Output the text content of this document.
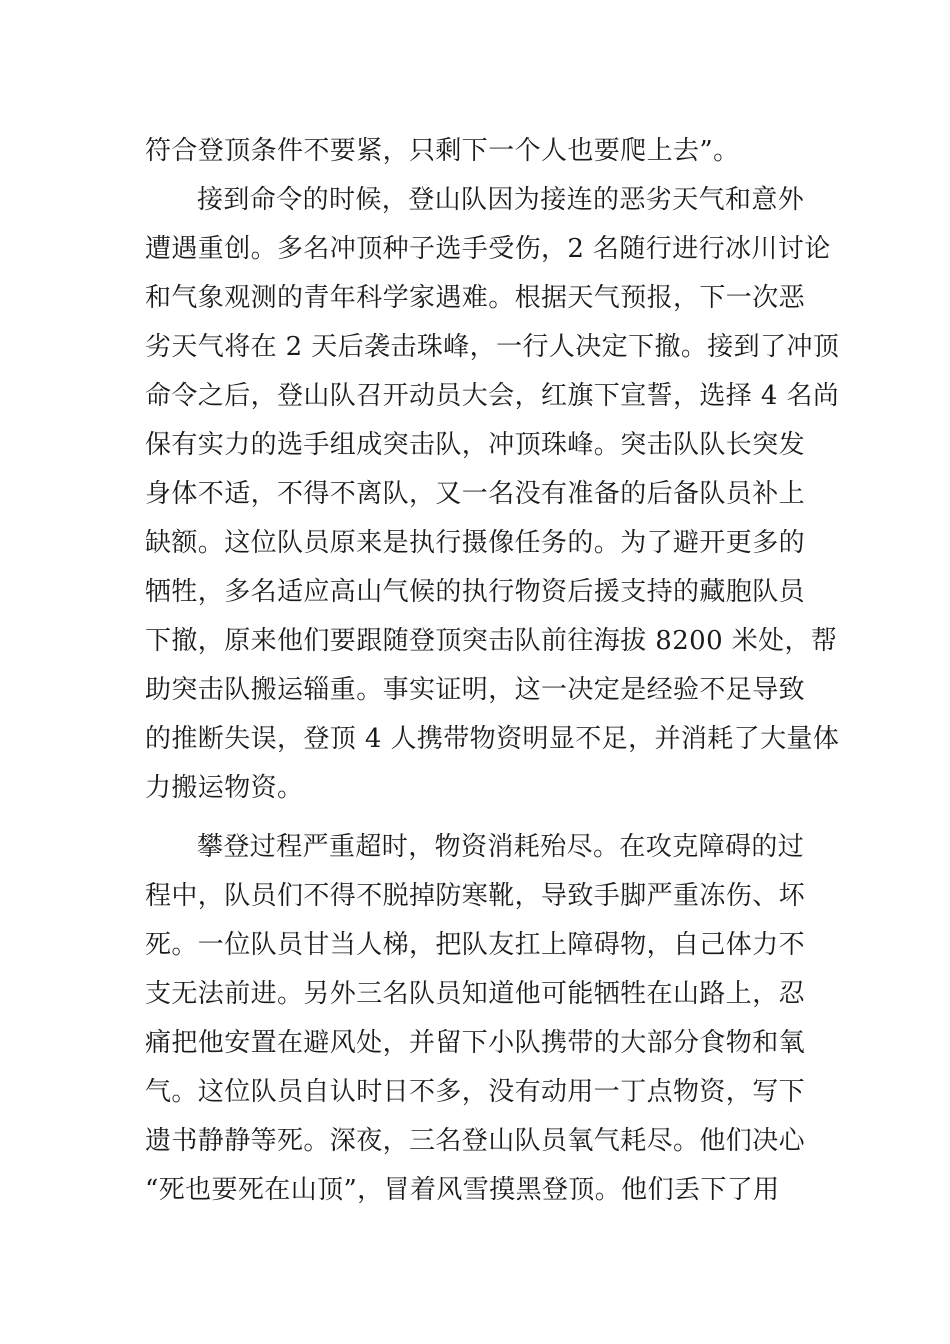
符合登顶条件不要紧，只剩下一个人也要爬上去”。
接到命令的时候，登山队因为接连的恶劣天气和意外
遭遇重创。多名冲顶种子选手受伤，2 名随行进行冰川讨论
和气象观测的青年科学家遇难。根据天气预报，下一次恶
劣天气将在 2 天后袭击珠峰，一行人决定下撤。接到了冲顶
命令之后，登山队召开动员大会，红旗下宣誓，选择 4 名尚
保有实力的选手组成突击队，冲顶珠峰。突击队队长突发
身体不适，不得不离队，又一名没有准备的后备队员补上
缺额。这位队员原来是执行摄像任务的。为了避开更多的
牺牲，多名适应高山气候的执行物资后援支持的藏胞队员
下撤，原来他们要跟随登顶突击队前往海拔 8200 米处，帮
助突击队搬运辎重。事实证明，这一决定是经验不足导致
的推断失误，登顶 4 人携带物资明显不足，并消耗了大量体
力搬运物资。
攀登过程严重超时，物资消耗殆尽。在攻克障碍的过
程中，队员们不得不脱掉防寒靴，导致手脚严重冻伤、坏
死。一位队员甘当人梯，把队友扛上障碍物，自己体力不
支无法前进。另外三名队员知道他可能牺牲在山路上，忍
痛把他安置在避风处，并留下小队携带的大部分食物和氧
气。这位队员自认时日不多，没有动用一丁点物资，写下
遗书静静等死。深夜，三名登山队员氧气耗尽。他们决心
“死也要死在山顶”，冒着风雪摸黑登顶。他们丢下了用
